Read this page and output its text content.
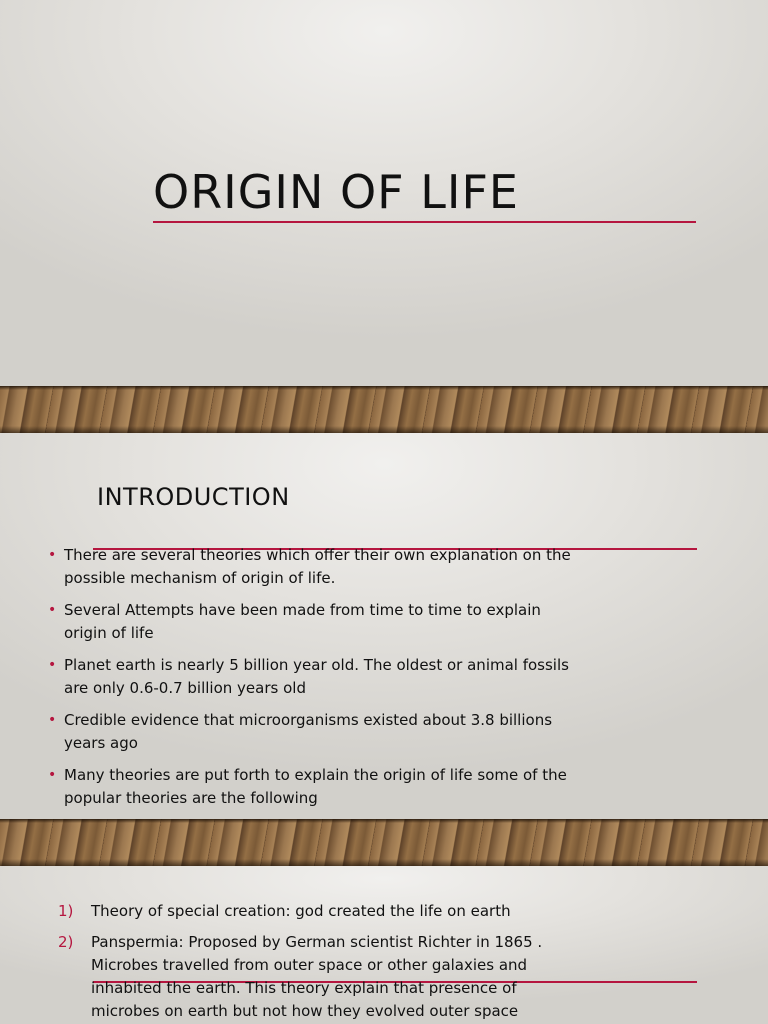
ORIGIN OF LIFE
INTRODUCTION
• There are several theories which offer their own explanation on the possible mechanism of origin of life.
• Several Attempts have been made from time to time to explain origin of life
• Planet earth is nearly 5 billion year old. The oldest or animal fossils are only 0.6-0.7 billion years old
• Credible evidence that microorganisms existed about 3.8 billions years ago
• Many theories are put forth to explain the origin of life some of the popular theories are the following
1) Theory of special creation: god created the life on earth
2) Panspermia: Proposed by German scientist Richter in 1865 . Microbes travelled from outer space or other galaxies and inhabited the earth. This theory explain that presence of microbes on earth but not how they evolved outer space
